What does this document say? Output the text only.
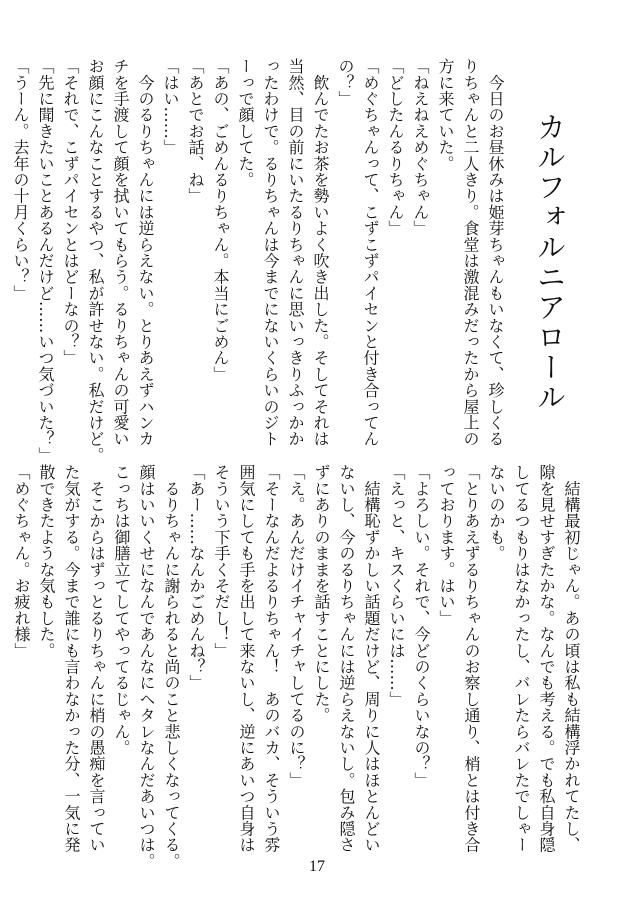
カルフォルニアロール
　今日のお昼休みは姫芽ちゃんもいなくて、珍しくる
りちゃんと二人きり。食堂は激混みだったから屋上の
方に来ていた。
「ねえねえめぐちゃん」
「どしたんるりちゃん」
「めぐちゃんって、こずこずパイセンと付き合ってん
の？」
　飲んでたお茶を勢いよく吹き出した。そしてそれは
当然、目の前にいたるりちゃんに思いっきりふっかか
ったわけで。るりちゃんは今までにないくらいのジト
ーっで顔してた。
「あの、ごめんるりちゃん。本当にごめん」
「あとでお話、ね」
「はい……」
　今のるりちゃんには逆らえない。とりあえずハンカ
チを手渡して顔を拭いてもらう。るりちゃんの可愛い
お顔にこんなことするやつ、私が許せない。私だけど。
「それで、こずパイセンとはどーなの？」
「先に聞きたいことあるんだけど……いつ気づいた？」
「うーん。去年の十月くらい？」
　結構最初じゃん。あの頃は私も結構浮かれてたし、
隙を見せすぎたかな。なんでも考える。でも私自身隠
してるつもりはなかったし、バレたらバレたでしゃー
ないのかも。
「とりあえずるりちゃんのお察し通り、梢とは付き合
っております。はい」
「よろしい。それで、今どのくらいなの？」
「えっと、キスくらいには……」
　結構恥ずかしい話題だけど、周りに人はほとんどい
ないし、今のるりちゃんには逆らえないし。包み隠さ
ずにありのままを話すことにした。
「え。あんだけイチャイチャしてるのに？」
「そーなんだよるりちゃん！　あのバカ、そういう雰
囲気にしても手を出して来ないし、逆にあいつ自身は
そういう下手くそだし！」
「あー……なんかごめんね？」
　るりちゃんに謝られると尚のこと悲しくなってくる。
顔はいいくせになんであんなにヘタレなんだあいつは。
こっちは御膳立てしてやってるじゃん。
　そこからはずっとるりちゃんに梢の愚痴を言ってい
た気がする。今まで誰にも言わなかった分、一気に発
散できたような気もした。
「めぐちゃん。お疲れ様」
17
